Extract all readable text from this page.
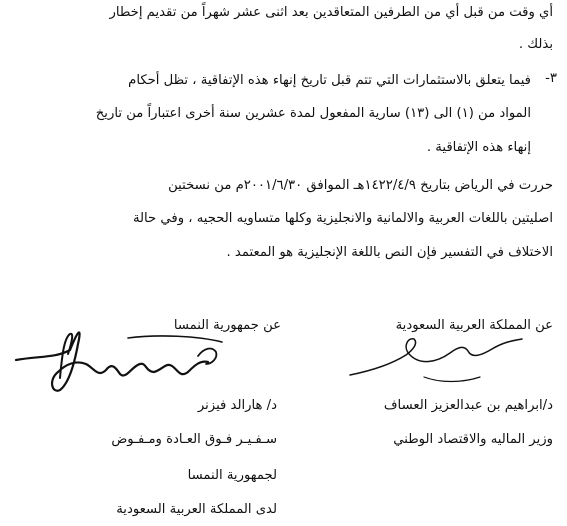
أي وقت من قبل أي من الطرفين المتعاقدين بعد اثنى عشر شهراً من تقديم إخطار
بذلك .
٣-
فيما يتعلق بالاستثمارات التي تتم قبل تاريخ إنهاء هذه الإتفاقية ، تظل أحكام
المواد من (١) الى (١٣) سارية المفعول لمدة عشرين سنة أخرى اعتباراً من تاريخ
إنهاء هذه الإتفاقية .
حررت في الرياض بتاريخ ١٤٢٢/٤/٩هـ الموافق ٢٠٠١/٦/٣٠م من نسختين
اصليتين باللغات العربية والالمانية والانجليزية وكلها متساويه الحجيه ، وفي حالة
الاختلاف في التفسير فإن النص باللغة الإنجليزية هو المعتمد .
عن المملكة العربية السعودية
عن جمهورية النمسا
د/ابراهيم بن عبدالعزيز العساف
د/ هارالد فيزنر
وزير الماليه والاقتصاد الوطني
سـفـيـر فـوق العـادة ومـفـوض
لجمهورية النمسا
لدى المملكة العربية السعودية
